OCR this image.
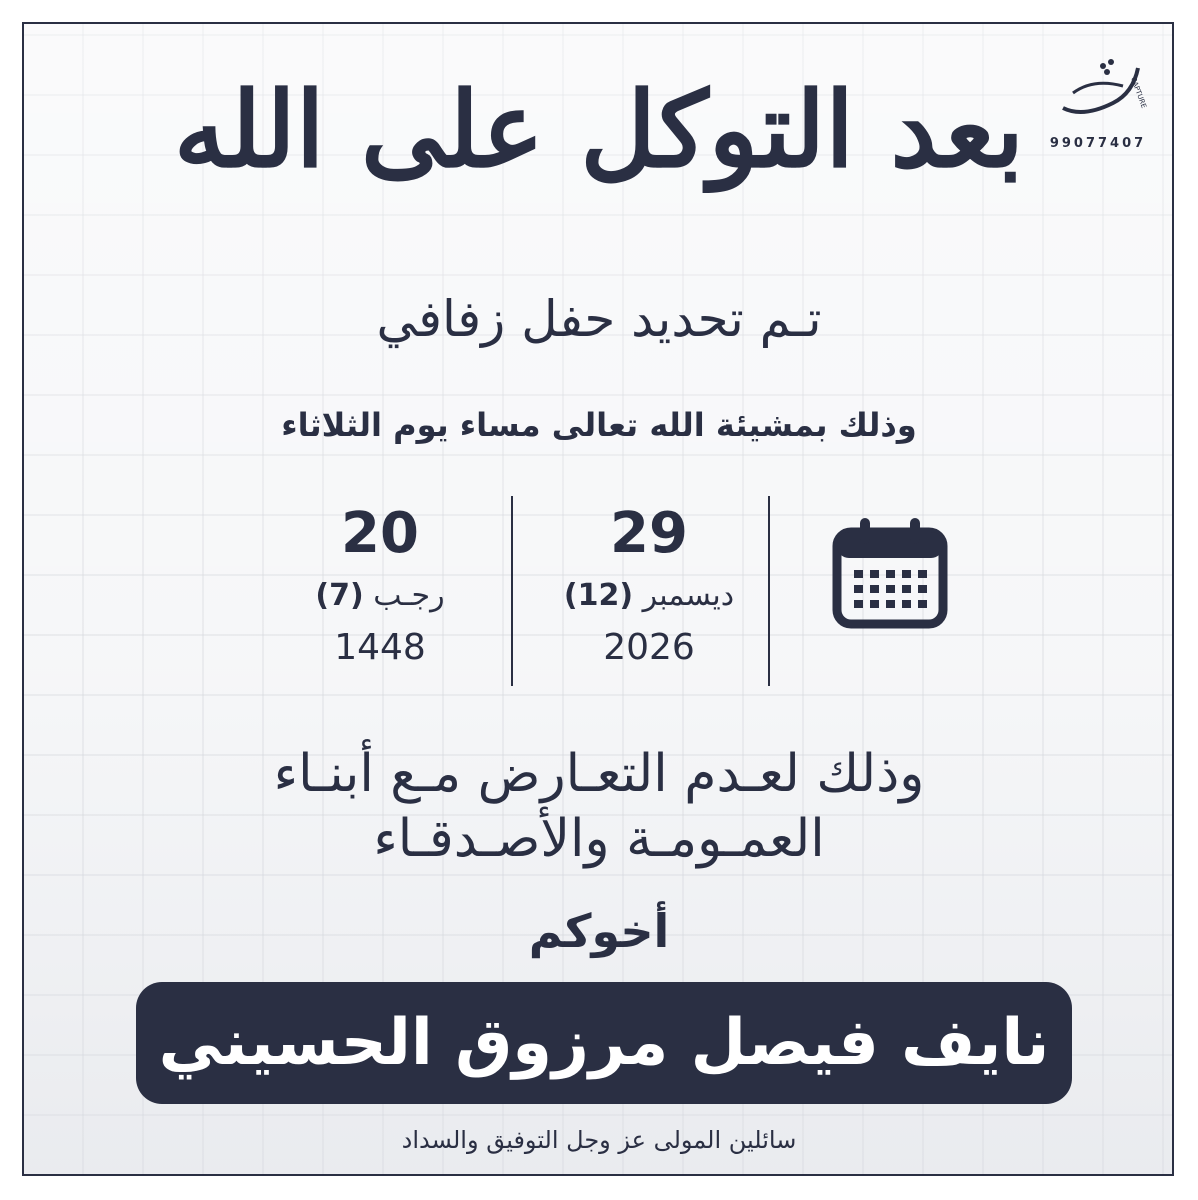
CAPTURE
99077407
بعد التوكل على الله
تـم تحديد حفل زفافي
وذلك بمشيئة الله تعالى مساء يوم الثلاثاء
20
رجـب (7)
1448
29
ديسمبر (12)
2026
وذلك لعـدم التعـارض مـع أبنـاء
العمـومـة والأصـدقـاء
أخوكم
نايف فيصل مرزوق الحسيني
سائلين المولى عز وجل التوفيق والسداد
